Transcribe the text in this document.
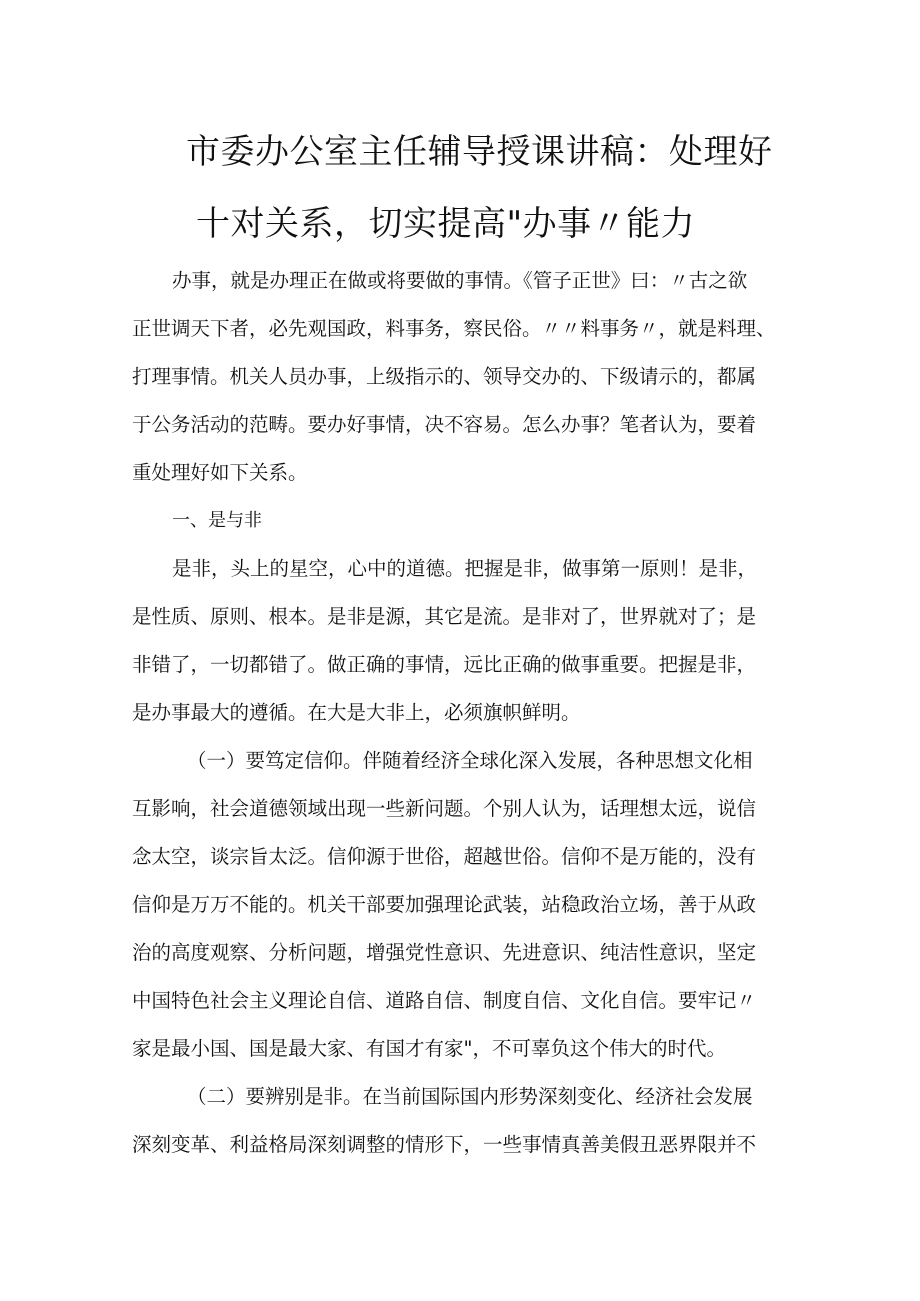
市委办公室主任辅导授课讲稿：处理好
十对关系，切实提高"办事〃能力
办事，就是办理正在做或将要做的事情。《管子正世》曰：〃古之欲
正世调天下者，必先观国政，料事务，察民俗。〃〃料事务〃，就是料理、
打理事情。机关人员办事，上级指示的、领导交办的、下级请示的，都属
于公务活动的范畴。要办好事情，决不容易。怎么办事？笔者认为，要着
重处理好如下关系。
一、是与非
是非，头上的星空，心中的道德。把握是非，做事第一原则！是非，
是性质、原则、根本。是非是源，其它是流。是非对了，世界就对了；是
非错了，一切都错了。做正确的事情，远比正确的做事重要。把握是非，
是办事最大的遵循。在大是大非上，必须旗帜鲜明。
（一）要笃定信仰。伴随着经济全球化深入发展，各种思想文化相
互影响，社会道德领域出现一些新问题。个别人认为，话理想太远，说信
念太空，谈宗旨太泛。信仰源于世俗，超越世俗。信仰不是万能的，没有
信仰是万万不能的。机关干部要加强理论武装，站稳政治立场，善于从政
治的高度观察、分析问题，增强党性意识、先进意识、纯洁性意识，坚定
中国特色社会主义理论自信、道路自信、制度自信、文化自信。要牢记〃
家是最小国、国是最大家、有国才有家"，不可辜负这个伟大的时代。
（二）要辨别是非。在当前国际国内形势深刻变化、经济社会发展
深刻变革、利益格局深刻调整的情形下，一些事情真善美假丑恶界限并不
